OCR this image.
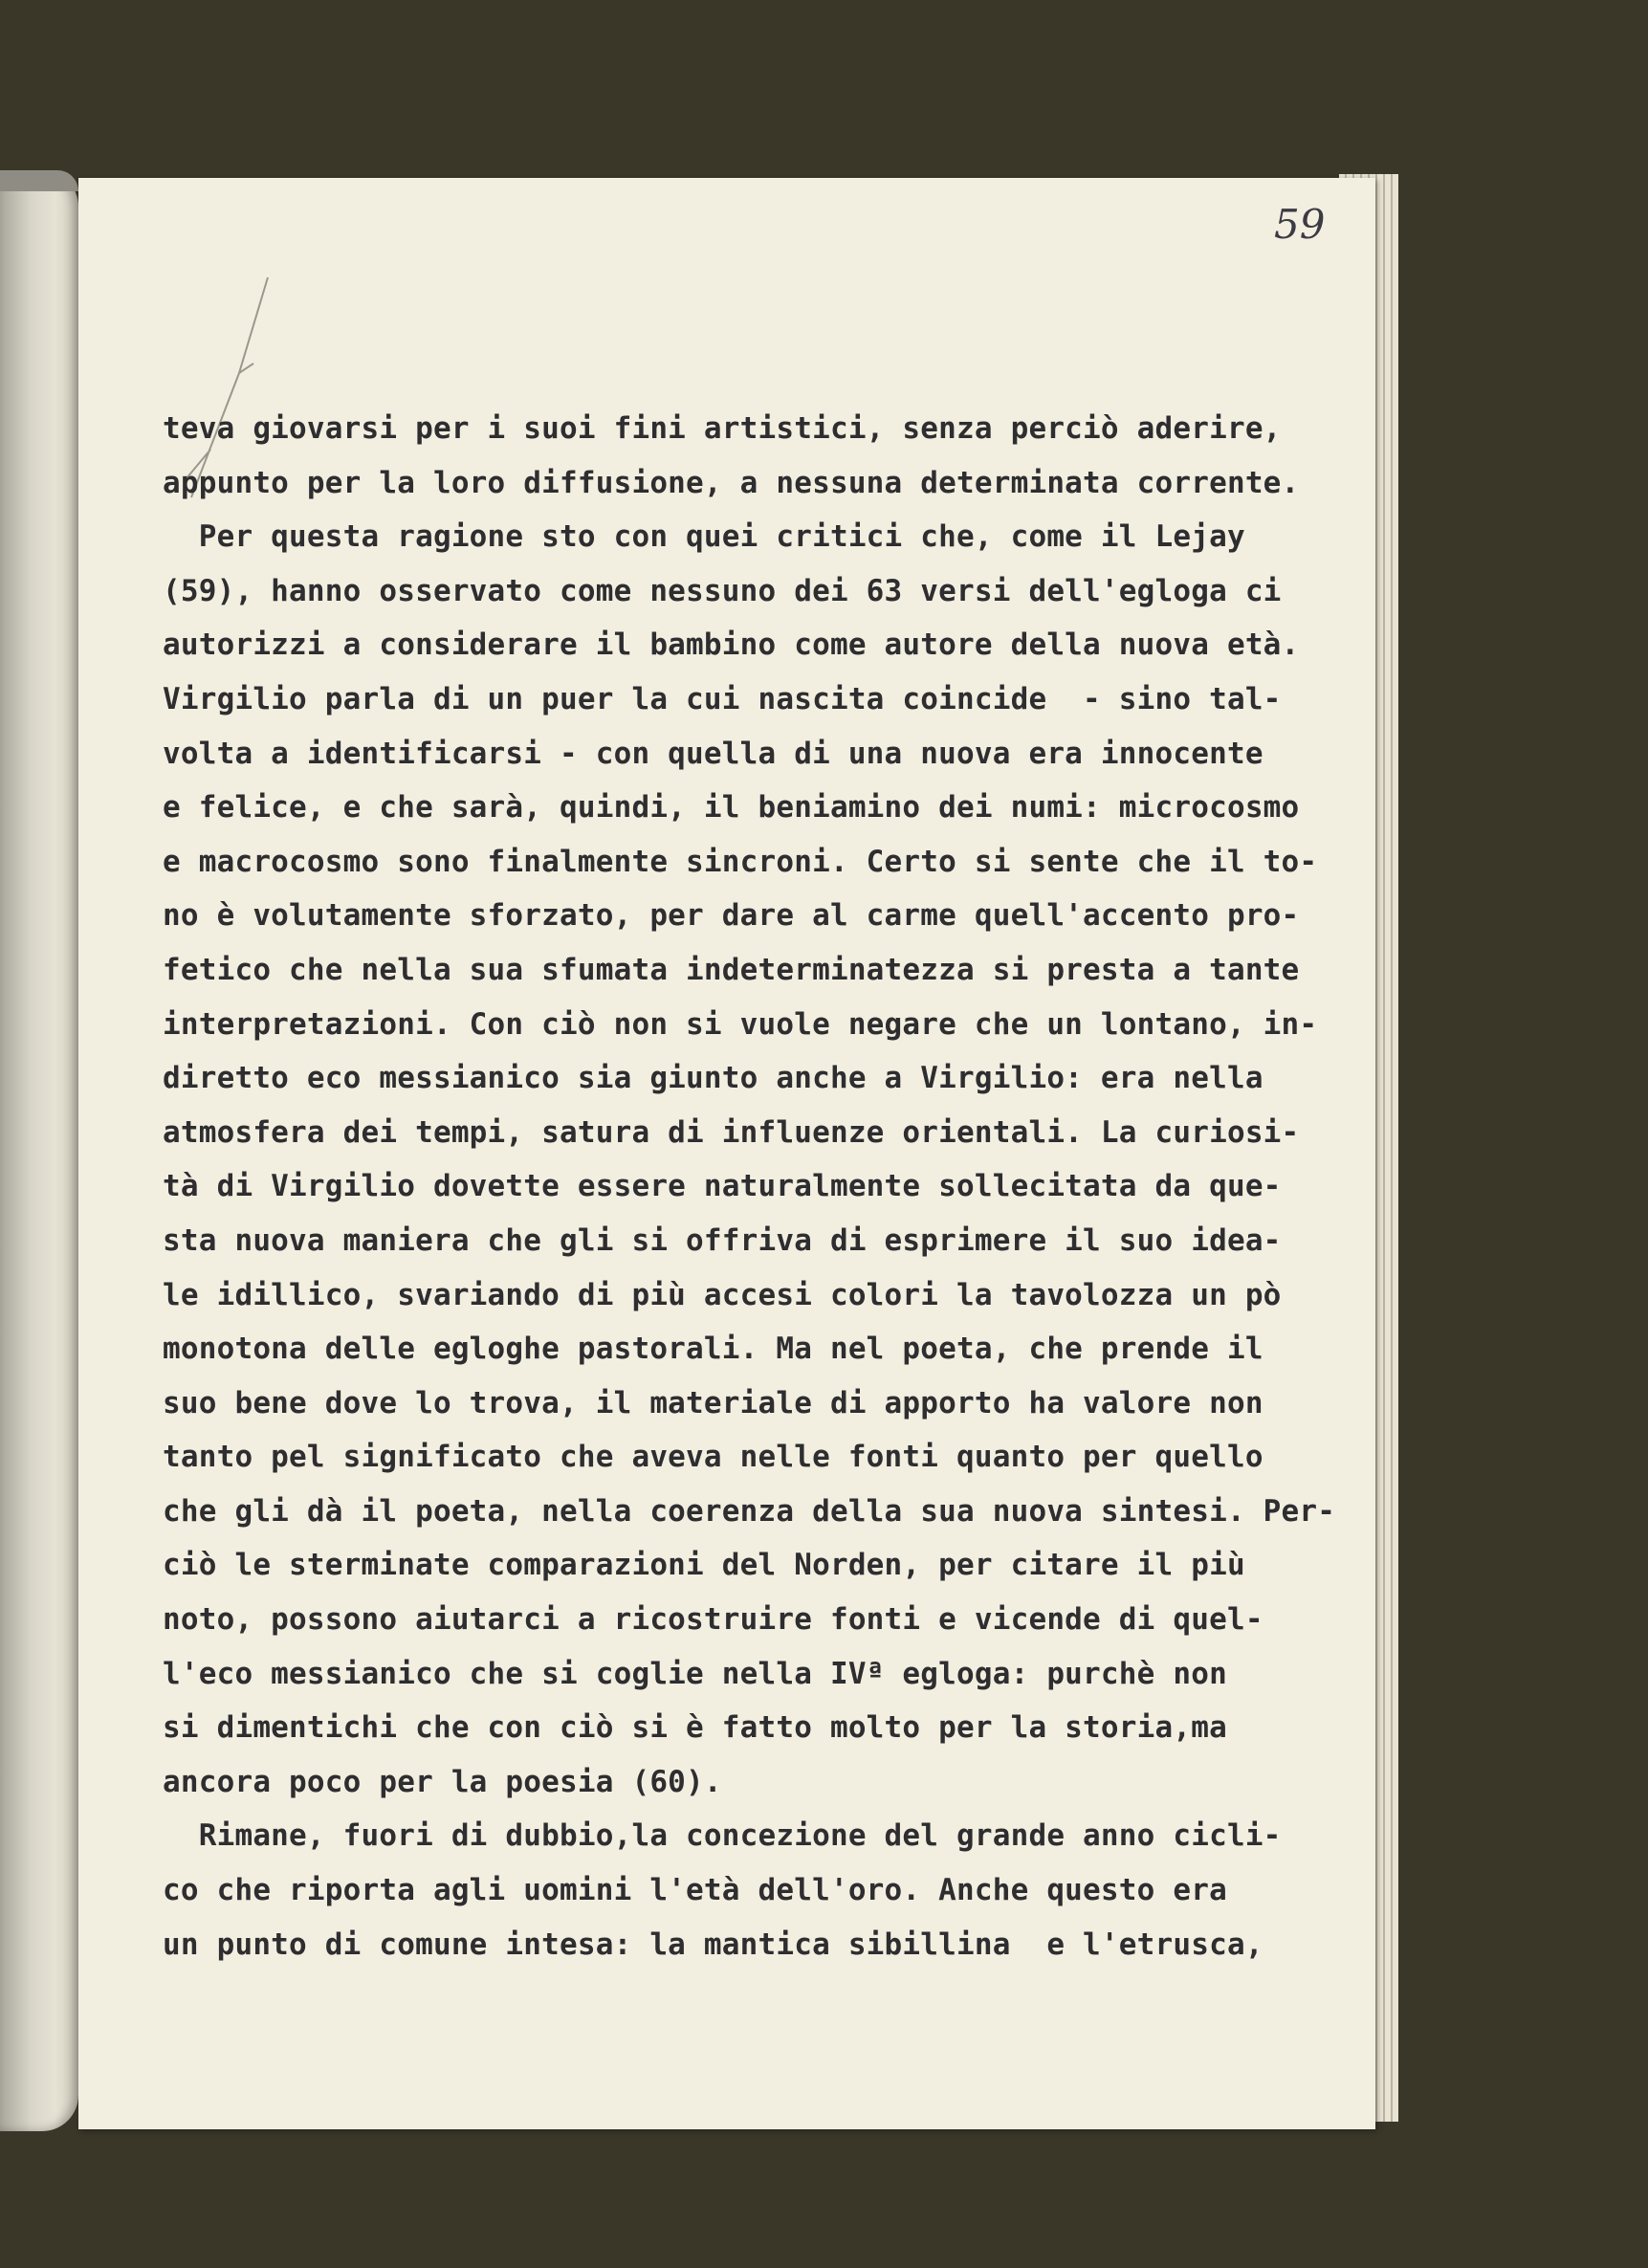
59
teva giovarsi per i suoi fini artistici, senza perciò aderire,
appunto per la loro diffusione, a nessuna determinata corrente.
Per questa ragione sto con quei critici che, come il Lejay
(59), hanno osservato come nessuno dei 63 versi dell'egloga ci
autorizzi a considerare il bambino come autore della nuova età.
Virgilio parla di un puer la cui nascita coincide  - sino tal-
volta a identificarsi - con quella di una nuova era innocente
e felice, e che sarà, quindi, il beniamino dei numi: microcosmo
e macrocosmo sono finalmente sincroni. Certo si sente che il to-
no è volutamente sforzato, per dare al carme quell'accento pro-
fetico che nella sua sfumata indeterminatezza si presta a tante
interpretazioni. Con ciò non si vuole negare che un lontano, in-
diretto eco messianico sia giunto anche a Virgilio: era nella
atmosfera dei tempi, satura di influenze orientali. La curiosi-
tà di Virgilio dovette essere naturalmente sollecitata da que-
sta nuova maniera che gli si offriva di esprimere il suo idea-
le idillico, svariando di più accesi colori la tavolozza un pò
monotona delle egloghe pastorali. Ma nel poeta, che prende il
suo bene dove lo trova, il materiale di apporto ha valore non
tanto pel significato che aveva nelle fonti quanto per quello
che gli dà il poeta, nella coerenza della sua nuova sintesi. Per-
ciò le sterminate comparazioni del Norden, per citare il più
noto, possono aiutarci a ricostruire fonti e vicende di quel-
l'eco messianico che si coglie nella IVª egloga: purchè non
si dimentichi che con ciò si è fatto molto per la storia,ma
ancora poco per la poesia (60).
Rimane, fuori di dubbio,la concezione del grande anno cicli-
co che riporta agli uomini l'età dell'oro. Anche questo era
un punto di comune intesa: la mantica sibillina  e l'etrusca,
